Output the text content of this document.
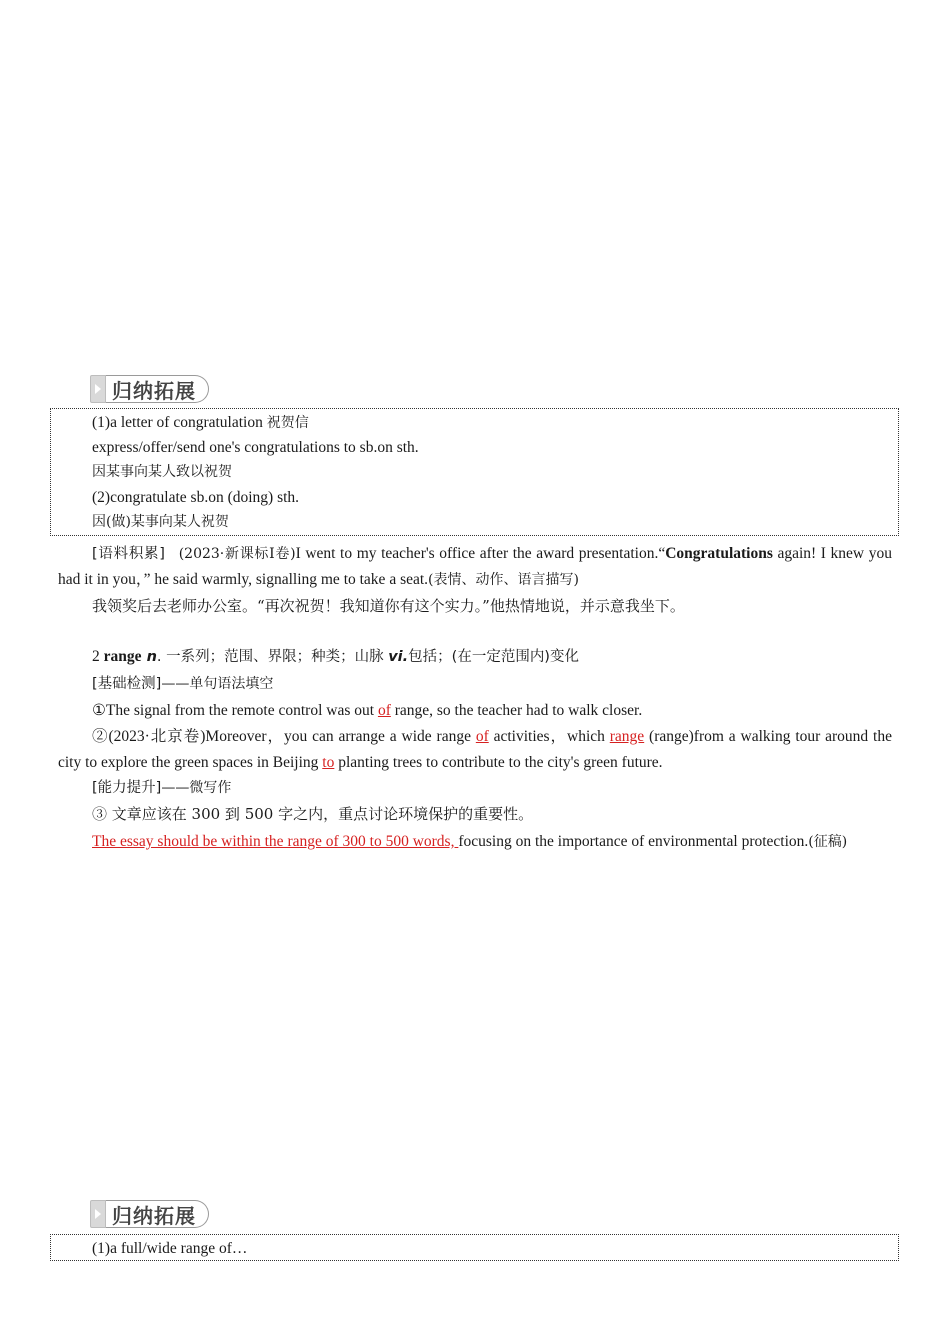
归纳拓展
(1)a letter of congratulation 祝贺信
express/offer/send one's congratulations to sb.on sth.
因某事向某人致以祝贺
(2)congratulate sb.on (doing) sth.
因(做)某事向某人祝贺
[语料积累] (2023·新课标Ⅰ卷)I went to my teacher's office after the award presentation.“Congratulations again! I knew you had it in you，” he said warmly, signalling me to take a seat.(表情、动作、语言描写)
我领奖后去老师办公室。“再次祝贺！我知道你有这个实力。”他热情地说，并示意我坐下。
2 range n. 一系列；范围、界限；种类；山脉 vi.包括；(在一定范围内)变化
[基础检测]——单句语法填空
①The signal from the remote control was out of range, so the teacher had to walk closer.
②(2023·北京卷)Moreover，you can arrange a wide range of activities，which range (range)from a walking tour around the city to explore the green spaces in Beijing to planting trees to contribute to the city's green future.
[能力提升]——微写作
③ 文章应该在 300 到 500 字之内，重点讨论环境保护的重要性。
The essay should be within the range of 300 to 500 words, focusing on the importance of environmental protection.(征稿)
归纳拓展
(1)a full/wide range of…
